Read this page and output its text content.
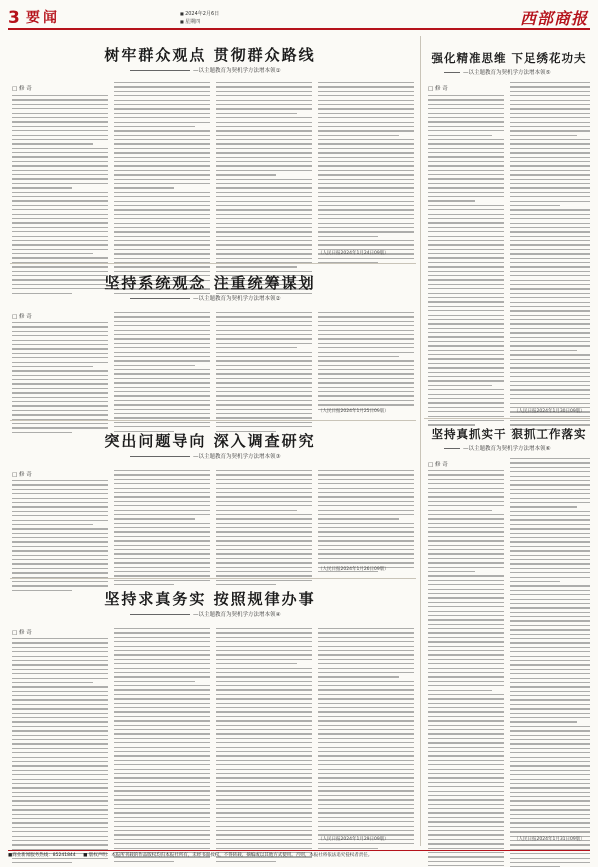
3 要闻
■	2024年2月6日
■ 星期四	西部商报
树牢群众观点 贯彻群众路线
—以主题教育为契机学方法增本领①
□ 修 奇
（人民日报2024年1月24日09版）
强化精准思维 下足绣花功夫
—以主题教育为契机学方法增本领⑤
□ 修 奇
（人民日报2024年1月30日09版）
坚持系统观念 注重统筹谋划
—以主题教育为契机学方法增本领②
□ 修 奇
（人民日报2024年1月25日09版）
坚持真抓实干 狠抓工作落实
—以主题教育为契机学方法增本领⑥
□ 修 奇
（人民日报2024年1月31日09版）
突出问题导向 深入调查研究
—以主题教育为契机学方法增本领③
□ 修 奇
（人民日报2024年1月26日09版）
坚持求真务实 按照规律办事
—以主题教育为契机学方法增本领④
□ 修 奇
（人民日报2024年1月29日09版）
■商业新闻服务热线：85241844 ■ 版权声明：本报所刊载的作品版权均归本报社所有，未经书面授权，不得转载、摘编或以其他方式使用。否则，本报社将依法追究侵权者责任。
